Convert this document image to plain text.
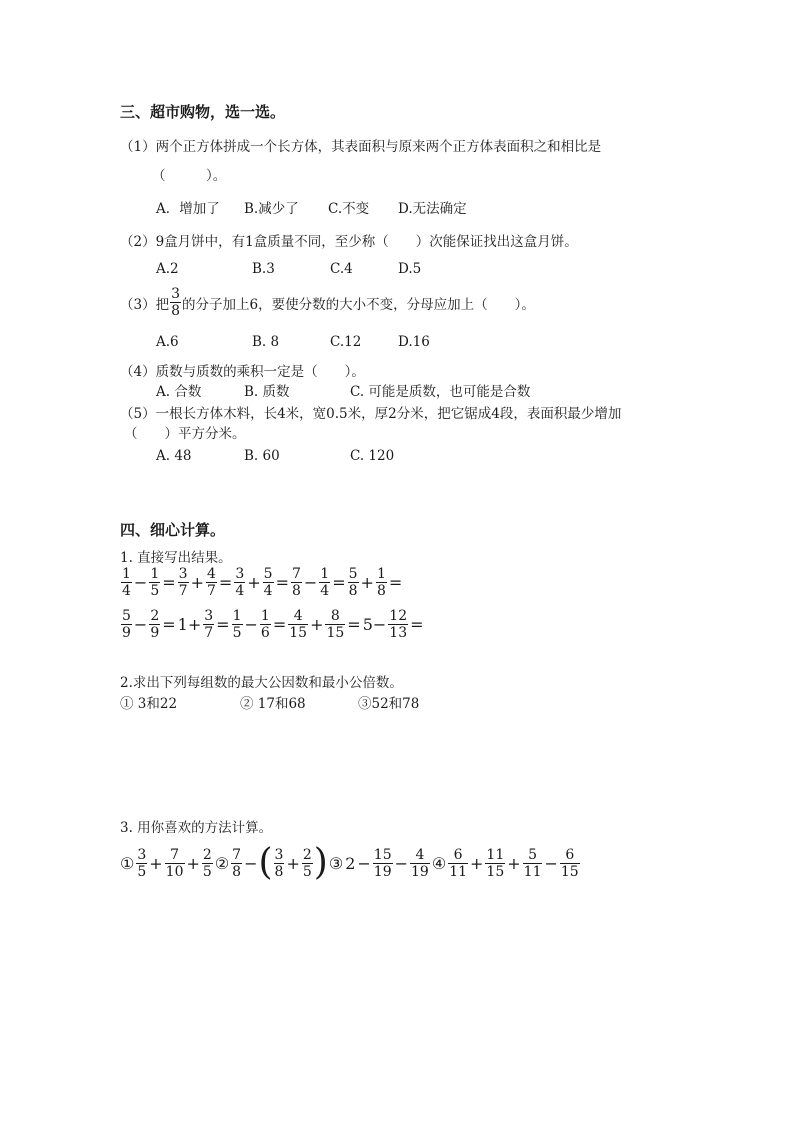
三、超市购物，选一选。
（1）两个正方体拼成一个长方体，其表面积与原来两个正方体表面积之和相比是
（　　　）。
A．增加了 B.减少了 C.不变 D.无法确定
（2）9盒月饼中，有1盒质量不同，至少称（　　）次能保证找出这盒月饼。
A.2	B.3	C.4	D.5
（3）把 $\frac{3}{8}$ 的分子加上6，要使分数的大小不变，分母应加上（　　）。
A.6	B. 8	C.12	D.16
（4）质数与质数的乘积一定是（　　）。
A. 合数	B. 质数	C. 可能是质数，也可能是合数
（5）一根长方体木料，长4米，宽0.5米，厚2分米，把它锯成4段，表面积最少增加
（　　）平方分米。
A. 48	B. 60	C. 120
四、细心计算。
1. 直接写出结果。
$\frac{1}{4} - \frac{1}{5} = \frac{3}{7} + \frac{4}{7} = \frac{3}{4} + \frac{5}{4} = \frac{7}{8} - \frac{1}{4} = \frac{5}{8} + \frac{1}{8}$ =
$\frac{5}{9} - \frac{2}{9} = 1+ \frac{3}{7} = \frac{1}{5} - \frac{1}{6} = \frac{4}{15} + \frac{8}{15} = 5- \frac{12}{13}$ =
2.求出下列每组数的最大公因数和最小公倍数。
① 3和22	② 17和68	③52和78
3. 用你喜欢的方法计算。
① $\frac{3}{5} + \frac{7}{10} + \frac{2}{5}$ ② $\frac{7}{8}$ − ( $\frac{3}{8} + \frac{2}{5}$ ) ③ $2 - \frac{15}{19} - \frac{4}{19}$ ④ $\frac{6}{11} + \frac{11}{15} + \frac{5}{11} - \frac{6}{15}$
